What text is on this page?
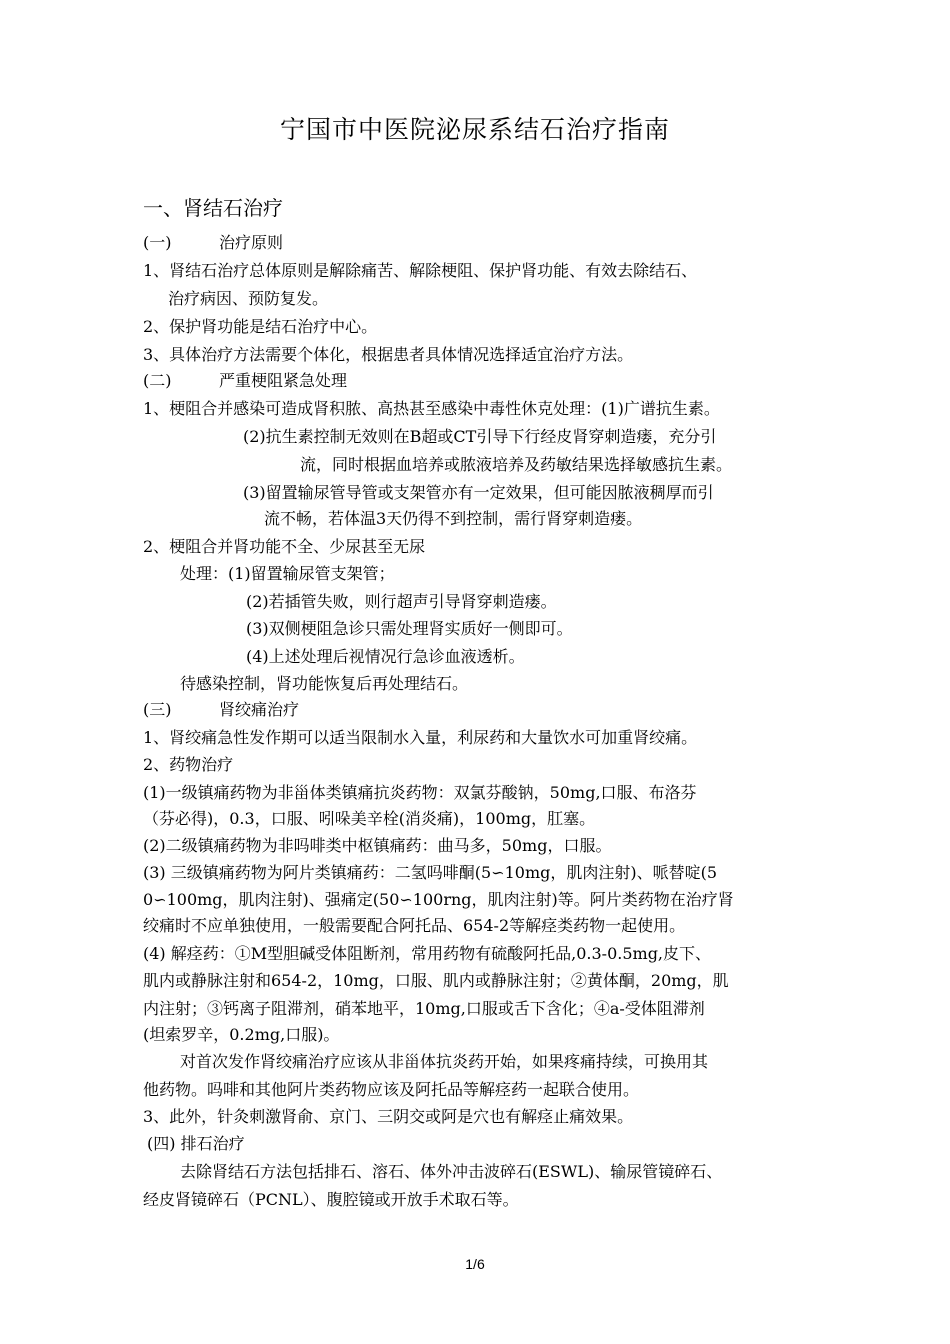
宁国市中医院泌尿系结石治疗指南
一、肾结石治疗
(一)	治疗原则

1、肾结石治疗总体原则是解除痛苦、解除梗阻、保护肾功能、有效去除结石、

治疗病因、预防复发。

2、保护肾功能是结石治疗中心。

3、具体治疗方法需要个体化，根据患者具体情况选择适宜治疗方法。

(二)	严重梗阻紧急处理

1、梗阻合并感染可造成肾积脓、高热甚至感染中毒性休克处理：(1)广谱抗生素。

(2)抗生素控制无效则在B超或CT引导下行经皮肾穿刺造瘘，充分引

流，同时根据血培养或脓液培养及药敏结果选择敏感抗生素。

(3)留置输尿管导管或支架管亦有一定效果，但可能因脓液稠厚而引

流不畅，若体温3天仍得不到控制，需行肾穿刺造瘘。

2、梗阻合并肾功能不全、少尿甚至无尿

处理：(1)留置输尿管支架管；

(2)若插管失败，则行超声引导肾穿刺造瘘。

(3)双侧梗阻急诊只需处理肾实质好一侧即可。

(4)上述处理后视情况行急诊血液透析。

待感染控制，肾功能恢复后再处理结石。

(三)	肾绞痛治疗

1、肾绞痛急性发作期可以适当限制水入量，利尿药和大量饮水可加重肾绞痛。

2、药物治疗

(1)一级镇痛药物为非甾体类镇痛抗炎药物：双氯芬酸钠，50mg,口服、布洛芬

（芬必得)，0.3，口服、吲哚美辛栓(消炎痛)，100mg，肛塞。

(2)二级镇痛药物为非吗啡类中枢镇痛药：曲马多，50mg，口服。

(3) 三级镇痛药物为阿片类镇痛药：二氢吗啡酮(5∽10mg，肌肉注射)、哌替啶(5

0∽100mg，肌肉注射)、强痛定(50∽100rng，肌肉注射)等。阿片类药物在治疗肾

绞痛时不应单独使用，一般需要配合阿托品、654-2等解痉类药物一起使用。

(4) 解痉药：①M型胆碱受体阻断剂，常用药物有硫酸阿托品,0.3-0.5mg,皮下、

肌内或静脉注射和654-2，10mg，口服、肌内或静脉注射；②黄体酮，20mg，肌

内注射；③钙离子阻滞剂，硝苯地平，10mg,口服或舌下含化；④a-受体阻滞剂

(坦索罗辛，0.2mg,口服)。

对首次发作肾绞痛治疗应该从非甾体抗炎药开始，如果疼痛持续，可换用其

他药物。吗啡和其他阿片类药物应该及阿托品等解痉药一起联合使用。

3、此外，针灸刺激肾俞、京门、三阴交或阿是穴也有解痉止痛效果。

(四) 排石治疗

去除肾结石方法包括排石、溶石、体外冲击波碎石(ESWL)、输尿管镜碎石、

经皮肾镜碎石（PCNL）、腹腔镜或开放手术取石等。

1/6
